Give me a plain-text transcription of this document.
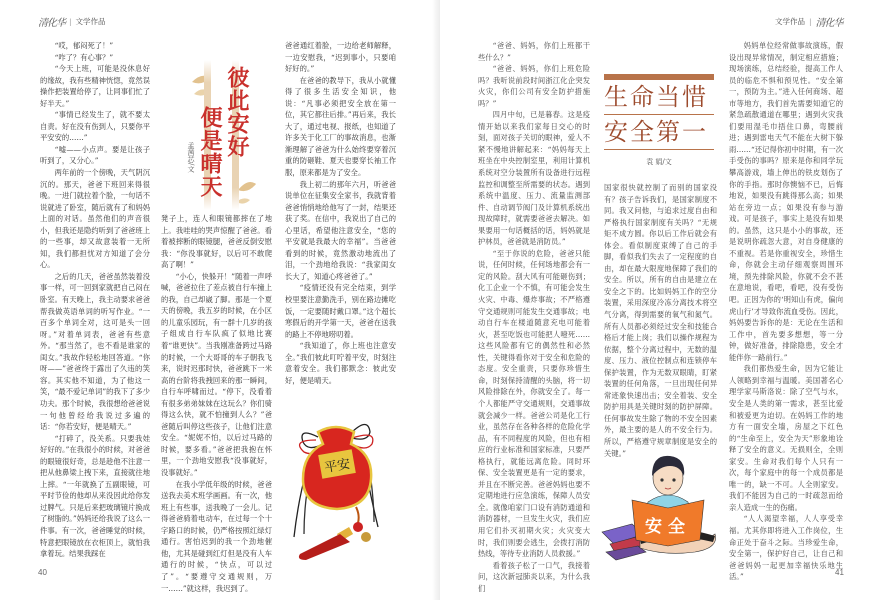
清化华 | 文学作品

“哎，郁闷死了！”

“咋了？有心事？”

“今天上班，可能是没休息好的缘故，我有些精神恍惚，竟然误操作把装置给停了，让同事们忙了好半天。”

“事情已经发生了，就不要太自责。好在没有伤到人，只要你平平安安的……”

“嘘——小点声。要是让孩子听到了，又分心。”

两年前的一个傍晚，天气阴沉沉的。那天，爸爸下班回来得很晚。一进门就拉着个脸，一句话不说就进了卧室，随后就有了和妈妈上面的对话。虽然他们的声音很小，但我还是隐约听到了爸爸班上的一些事，却又故意装着一无所知，我们都担忧对方知道了会分心。

之后的几天，爸爸虽然装着没事一样，可一回到家就把自己闷在卧室。有天晚上，我主动要求爸爸帮我做英语单词的听写作业。“一百多个单词全对，这可是头一回呀。”对着单词表，爸爸有些意外。“那当然了，也不看是谁家的闺女。”我故作轻松地回答道。“你呀——”爸爸终于露出了久违的笑容。其实他不知道，为了他这一笑，“最不爱记单词”的我下了多少功夫。那个时候，我很想给爸爸说一句他曾经给我说过多遍的话：“你若安好，便是晴天。”

“打碎了，没关系。只要我娃好好的。”在我很小的时候，对爸爸的眼镜很好奇，总是趁他不注意一把从他鼻梁上拽下来，直接就往地上摔。“一年就换了五副眼镜，可平时节俭的他却从来没因此给你发过脾气。只是后来把玻璃镜片换成了树脂的。”妈妈还给我说了这么一件事。有一次，爸爸睡觉的时候，特意把眼镜放在衣柜顶上，就怕我拿着玩。结果我踩在

彼此安好
便是晴天
孟茜芯/文

凳子上，连人和眼镜都摔在了地上。我哇哇的哭声惊醒了爸爸。看着被摔断的眼镜腿，爸爸反倒安慰我：“你没事就好，以后可不敢爬高了啊！”

“小心，快躲开！”随着一声呼喊，爸爸拉住了差点被自行车撞上的我，自己却崴了脚。那是一个夏天的傍晚，我五岁的时候，在小区的儿童乐园玩，有一群十几岁的孩子组成自行车队疯了似地比赛着“谁更快”。当我刚准备跨过马路的时候，一个大哥哥的车子朝我飞来，说时迟那时快，爸爸跳下一米高的台阶将我拽回来的那一瞬间，自行车呼啸而过。“停下，没看着有很多弟弟妹妹在这玩么？你们骑得这么快，就不怕撞到人么？”爸爸随后叫停这些孩子，让他们注意安全。“妮妮不怕，以后过马路的时候，要多看。”爸爸把我抱在怀里，一个劲地安慰我“没事就好，没事就好。”

在我小学低年级的时候，爸爸送我去美术班学画画。有一次，他班上有些事，送我晚了一会儿。记得爸爸骑着电动车，在过每一个十字路口的时候，仍严格按照红绿灯通行。害怕迟到的我一个劲地催他，尤其是碰到红灯但是没有人车通行的时候，“快点，可以过了”。“要遵守交通规则，万一……”就这样，我迟到了。

爸爸通红着脸，一边给老师解释，一边安慰我，“迟到事小，只要咱好好的。”

在爸爸的教导下，我从小就懂得了很多生活安全知识，他说：“凡事必须把安全放在第一位，其它都往后排。”再后来，我长大了，通过电视、报纸，也知道了许多关于化工厂的事故消息，也渐渐理解了爸爸为什么始终要穿着沉重的防砸鞋、夏天也要穿长袖工作服，原来都是为了安全。

我上初二的那年六月，听爸爸说单位在征集安全家书，我就背着爸爸悄悄地给他写了一封，结果还获了奖。在信中，我说出了自己的心里话，希望他注意安全，“您的平安就是我最大的幸福”。当爸爸看到的时候，竟然激动地流出了泪，一个劲地给我说：“我家闺女长大了，知道心疼爸爸了。”

“疫情还没有完全结束，到学校里要注意勤洗手，别在路边摊吃饭，一定要随时戴口罩。”这个超长寒假后的开学第一天，爸爸在送我的路上不停地唠叨着。

“我知道了，你上班也注意安全。”我们彼此叮咛着平安，时刻注意着安全。我们都默念：彼此安好，便是晴天。

平安
40
文学作品 | 清化华

“爸爸、妈妈，你们上班都干些什么？”

“爸爸、妈妈，你们上班危险吗？我听说前段时间浙江化企突发火灾，你们公司有安全防护措施吗？”

四月中旬，已是暮春。这是疫情开始以来我们家每日交心的时刻，面对孩子关切的眼神，爱人不紧不慢地讲解起来：“妈妈每天上班坐在中央控制室里，利用计算机系统对空分装置所有设备进行远程监控和调整至所需要的状态。遇到系统中温度、压力、流量监测部件、自动调节阀门及计算机系统出现故障时，就需要爸爸去解决。如果要用一句话概括的话，妈妈就是护林员，爸爸就是消防员。”

“至于你说的危险，爸爸只能说，任何时候，任何场地都会有一定的风险。刮大风有可能砸伤到；化工企业一个不慎，有可能会发生火灾、中毒、爆炸事故；不严格遵守交通规则可能发生交通事故；电动自行车在楼道随意充电可能着火，甚至吃饭也可能把人噎死……这些风险都有它的偶然性和必然性，关键得看你对于安全和危险的态度。安全重责，只要你珍惜生命，时刻保持清醒的头脑，将一切风险排除在外，你就安全了。每一个人都能严守交通规则，交通事故就会减少一样。爸爸公司是化工行业，虽然存在各种各样的危险化学品，有不同程度的风险，但也有相应的行业标准和国家标准，只要严格执行，就能远离危险。同时环保、安全装置更是有一定的要求，并且在不断完善。爸爸妈妈也要不定期地进行应急演练，保障人员安全。就像咱家门口设有消防通道和消防器材，一旦发生火灾，我们应用它们扑灭初期火灾；火灾变大时，我们则要会逃生，会拨打消防热线，等待专业消防人员救援。”

看着孩子松了一口气，我接着问，这次新冠肺炎以来，为什么我们

生命当惜
安全第一
袁 娟/文

国家很快就控制了而别的国家没有？孩子告诉我们，是国家制度不同。我又问他，与追求过度自由和严格执行国家制度有关吗？“无规矩不成方圆。你以后工作后就会有体会。看似制度束缚了自己的手脚，看似我们失去了一定程度的自由，却在最大限度地保障了我们的安全。所以，所有的自由是建立在安全之下的。比如妈妈工作的空分装置，采用深度冷冻分离技术将空气分离，得到需要的氧气和氮气。所有人员都必须经过安全和技能合格后才能上岗；我们以操作规程为依据，整个分离过程中，无数的温度、压力、液位控制点和连锁停车保护装置，作为无数双眼睛，盯紧装置的任何角落，一旦出现任何异常迹象快速出击；安全着装、安全防护用具是关键时刻的防护屏障。任何事故发生除了物的不安全因素外，最主要的是人的不安全行为。所以，严格遵守规章制度是安全的关键。”

妈妈单位经常做事故演练，假设出现异常情况，制定相应措施；现场演练，总结经验，提高工作人员的临危不惧和预见性。“安全第一，预防为主。”进入任何商场、超市等地方，我们首先需要知道它的紧急疏散通道在哪里；遇到火灾我们要用湿毛巾捂住口鼻，弯腰前进；遇到雷电天气不能在大树下躲雨……“还记得你初中时期，有一次手受伤的事吗？原来是你和同学玩攀高游戏，墙上伸出的铁皮划伤了你的手指。那时你懊恼不已，后悔地说，如果没有跳得那么高；如果站在旁边一点；如果没有参与游戏。可是孩子，事实上是没有如果的。虽然，这只是小小的事故，还是说明你疏忽大意，对自身健康的不重视。若是你重视安全，珍惜生命，你就会主动仔细观察周围环境，预先排除风险，你就不会不甚在意地说，看吧，看吧，没有受伤吧。正因为你的‘明知山有虎，偏向虎山行’才导致你流血受伤。因此，妈妈要告诉你的是：无论在生活和工作中，首先要多想想，等一分钟，做好准备，排除隐患，安全才能伴你一路前行。”

我们都热爱生命，因为它能让人领略到幸福与温暖。美国著名心理学家马斯洛说：除了空气与水，安全是人类的第一需求，甚至比爱和被爱更为迫切。在妈妈工作的地方有一面安全墙，房屋之下红色的“生命至上，安全为天”形象地诠释了安全的意义。无损则全，全则家安。生命对我们每个人只有一次，每个家庭中的每一个成员都是唯一的，缺一不可。人全则家安。我们不能因为自己的一时疏忽而给亲人造成一生的伤痛。

“人人渴望幸福，人人享受幸福。尤其你即将进入工作岗位，生命正处于奋斗之际。当珍爱生命，安全第一，保护好自己，让自己和爸爸妈妈一起更加幸福快乐地生活。”

安全
41
